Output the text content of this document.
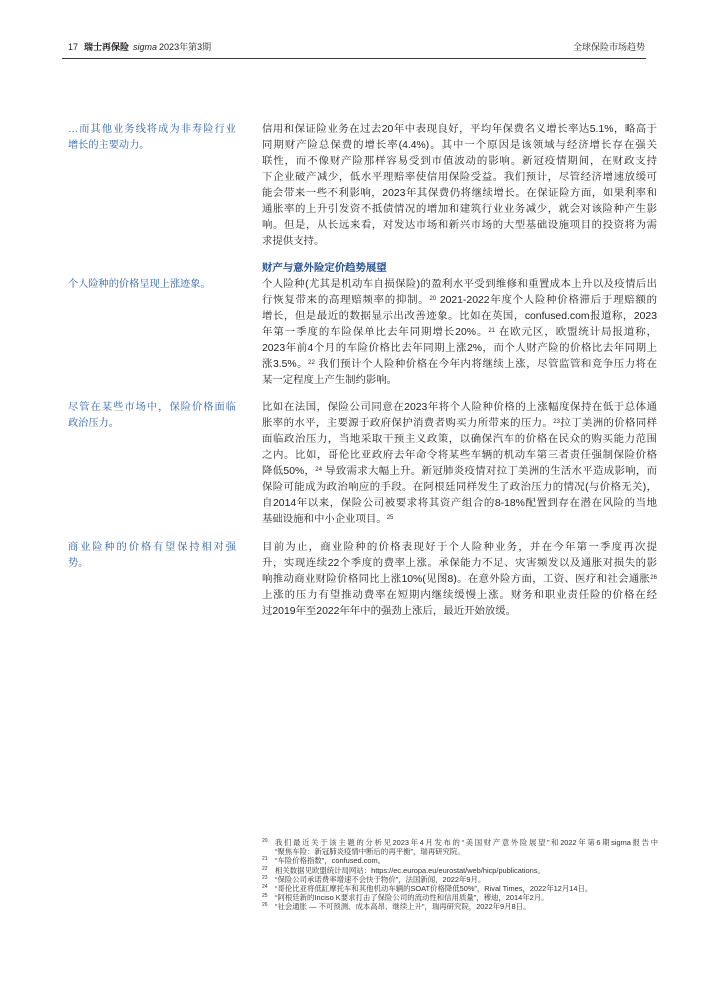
17 瑞士再保险 sigma 2023年第3期	全球保险市场趋势
…而其他业务线将成为非寿险行业
增长的主要动力。
个人险种的价格呈现上涨迹象。
尽管在某些市场中，保险价格面临
政治压力。
商业险种的价格有望保持相对强
势。
信用和保证险业务在过去20年中表现良好，平均年保费名义增长率达5.1%，略高于
同期财产险总保费的增长率(4.4%)。其中一个原因是该领域与经济增长存在强关
联性，而不像财产险那样容易受到市值波动的影响。新冠疫情期间，在财政支持
下企业破产减少，低水平理赔率使信用保险受益。我们预计，尽管经济增速放缓可
能会带来一些不利影响，2023年其保费仍将继续增长。在保证险方面，如果利率和
通胀率的上升引发资不抵债情况的增加和建筑行业业务减少，就会对该险种产生影
响。但是，从长远来看，对发达市场和新兴市场的大型基础设施项目的投资将为需
求提供支持。
财产与意外险定价趋势展望
个人险种(尤其是机动车自损保险)的盈利水平受到维修和重置成本上升以及疫情后出
行恢复带来的高理赔频率的抑制。$^{20}$ 2021-2022年度个人险种价格滞后于理赔额的
增长，但是最近的数据显示出改善迹象。比如在英国，confused.com报道称，2023
年第一季度的车险保单比去年同期增长20%。$^{21}$ 在欧元区，欧盟统计局报道称，
2023年前4个月的车险价格比去年同期上涨2%，而个人财产险的价格比去年同期上
涨3.5%。$^{22}$ 我们预计个人险种价格在今年内将继续上涨，尽管监管和竞争压力将在
某一定程度上产生制约影响。
比如在法国，保险公司同意在2023年将个人险种价格的上涨幅度保持在低于总体通
胀率的水平，主要源于政府保护消费者购买力所带来的压力。$^{23}$拉丁美洲的价格同样
面临政治压力，当地采取干预主义政策，以确保汽车的价格在民众的购买能力范围
之内。比如，哥伦比亚政府去年命令将某些车辆的机动车第三者责任强制保险价格
降低50%，$^{24}$ 导致需求大幅上升。新冠肺炎疫情对拉丁美洲的生活水平造成影响，而
保险可能成为政治响应的手段。在阿根廷同样发生了政治压力的情况(与价格无关)，
自2014年以来，保险公司被要求将其资产组合的8-18%配置到存在潜在风险的当地
基础设施和中小企业项目。$^{25}$
目前为止，商业险种的价格表现好于个人险种业务，并在今年第一季度再次提
升，实现连续22个季度的费率上涨。承保能力不足、灾害频发以及通胀对损失的影
响推动商业财险价格同比上涨10%(见图8)。在意外险方面，工资、医疗和社会通胀$^{26}$
上涨的压力有望推动费率在短期内继续缓慢上涨。财务和职业责任险的价格在经
过2019年至2022年年中的强劲上涨后，最近开始放缓。
20	我们最近关于该主题的分析见2023年4月发布的“美国财产意外险展望”和2022年第6期sigma报告中
“聚焦车险：新冠肺炎疫情中断后的再平衡”，瑞再研究院。
21	“车险价格指数”，confused.com。
22	相关数据见欧盟统计局网站：https://ec.europa.eu/eurostat/web/hicp/publications。
23	“保险公司承诺费率增速不会快于物价”，法国新闻，2022年9月。
24	“哥伦比亚将低缸摩托车和其他机动车辆的SOAT价格降低50%”，Rival Times，2022年12月14日。
25	“阿根廷新的Inciso K要求打击了保险公司的流动性和信用质量”，穆迪，2014年2月。
26	“社会通胀 — 不可预测、成本高昂、继续上升”，瑞再研究院，2022年9月8日。
